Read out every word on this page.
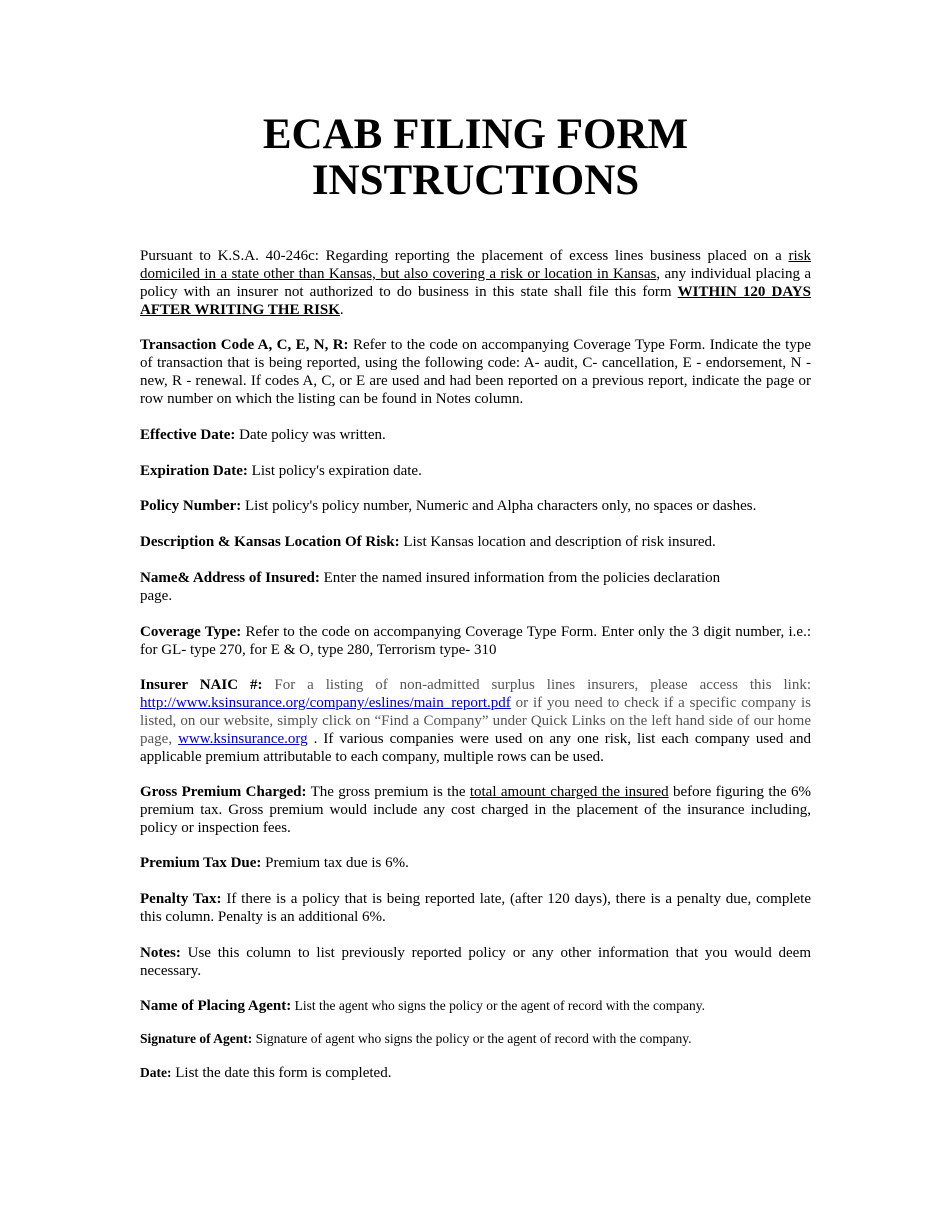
ECAB FILING FORM
INSTRUCTIONS

Pursuant to K.S.A. 40-246c: Regarding reporting the placement of excess lines business placed on a risk domiciled in a state other than Kansas, but also covering a risk or location in Kansas, any individual placing a policy with an insurer not authorized to do business in this state shall file this form WITHIN 120 DAYS AFTER WRITING THE RISK.

Transaction Code A, C, E, N, R: Refer to the code on accompanying Coverage Type Form. Indicate the type of transaction that is being reported, using the following code: A- audit, C- cancellation, E - endorsement, N - new, R - renewal. If codes A, C, or E are used and had been reported on a previous report, indicate the page or row number on which the listing can be found in Notes column.

Effective Date: Date policy was written.

Expiration Date: List policy's expiration date.

Policy Number: List policy's policy number, Numeric and Alpha characters only, no spaces or dashes.

Description & Kansas Location Of Risk: List Kansas location and description of risk insured.

Name& Address of Insured: Enter the named insured information from the policies declaration
page.

Coverage Type: Refer to the code on accompanying Coverage Type Form. Enter only the 3 digit number, i.e.: for GL- type 270, for E & O, type 280, Terrorism type- 310

Insurer NAIC #: For a listing of non-admitted surplus lines insurers, please access this link: http://www.ksinsurance.org/company/eslines/main_report.pdf or if you need to check if a specific company is listed, on our website, simply click on “Find a Company” under Quick Links on the left hand side of our home page, www.ksinsurance.org . If various companies were used on any one risk, list each company used and applicable premium attributable to each company, multiple rows can be used.

Gross Premium Charged: The gross premium is the total amount charged the insured before figuring the 6% premium tax. Gross premium would include any cost charged in the placement of the insurance including, policy or inspection fees.

Premium Tax Due: Premium tax due is 6%.

Penalty Tax: If there is a policy that is being reported late, (after 120 days), there is a penalty due, complete this column. Penalty is an additional 6%.

Notes: Use this column to list previously reported policy or any other information that you would deem necessary.

Name of Placing Agent: List the agent who signs the policy or the agent of record with the company.

Signature of Agent: Signature of agent who signs the policy or the agent of record with the company.

Date: List the date this form is completed.
